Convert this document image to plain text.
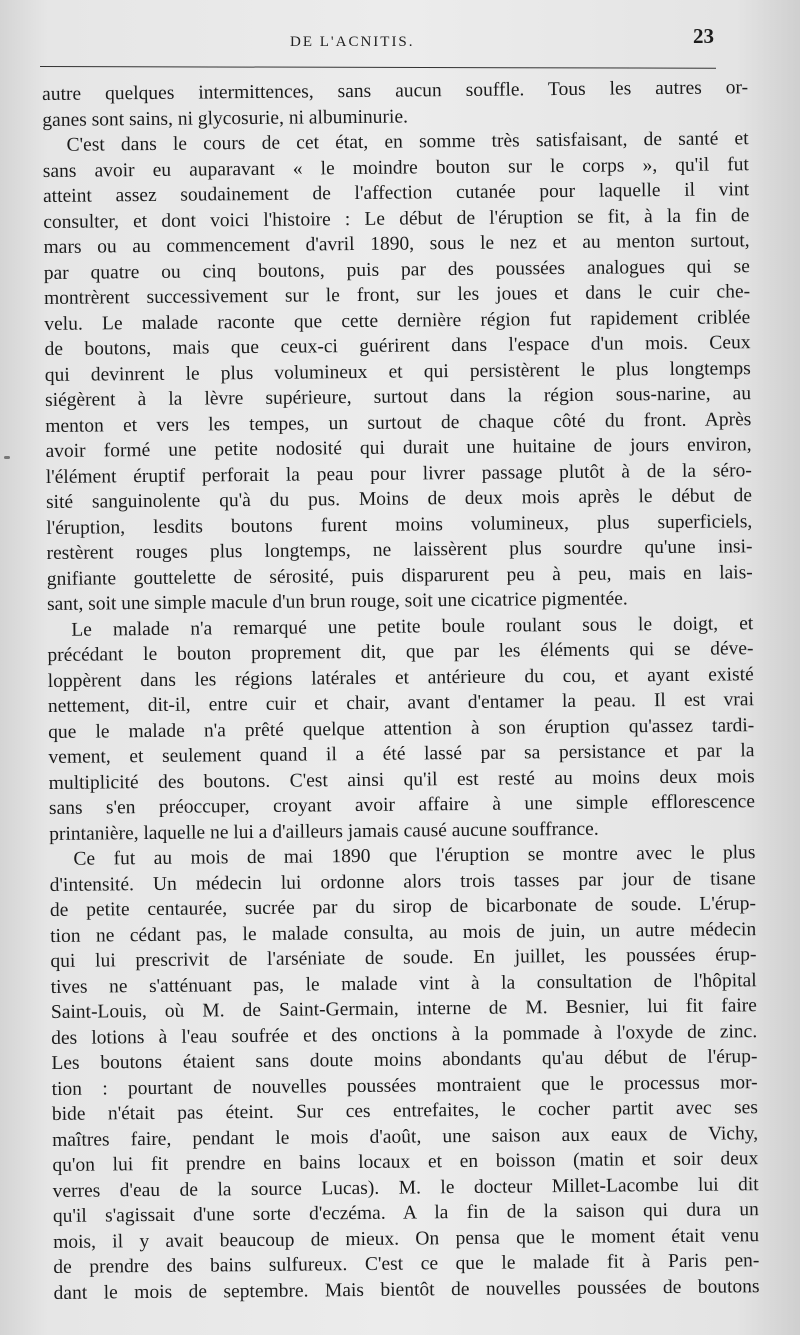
DE L'ACNITIS.	23
autre quelques intermittences, sans aucun souffle. Tous les autres or-
ganes sont sains, ni glycosurie, ni albuminurie.
C'est dans le cours de cet état, en somme très satisfaisant, de santé et
sans avoir eu auparavant « le moindre bouton sur le corps », qu'il fut
atteint assez soudainement de l'affection cutanée pour laquelle il vint
consulter, et dont voici l'histoire : Le début de l'éruption se fit, à la fin de
mars ou au commencement d'avril 1890, sous le nez et au menton surtout,
par quatre ou cinq boutons, puis par des poussées analogues qui se
montrèrent successivement sur le front, sur les joues et dans le cuir che-
velu. Le malade raconte que cette dernière région fut rapidement criblée
de boutons, mais que ceux-ci guérirent dans l'espace d'un mois. Ceux
qui devinrent le plus volumineux et qui persistèrent le plus longtemps
siégèrent à la lèvre supérieure, surtout dans la région sous-narine, au
menton et vers les tempes, un surtout de chaque côté du front. Après
avoir formé une petite nodosité qui durait une huitaine de jours environ,
l'élément éruptif perforait la peau pour livrer passage plutôt à de la séro-
sité sanguinolente qu'à du pus. Moins de deux mois après le début de
l'éruption, lesdits boutons furent moins volumineux, plus superficiels,
restèrent rouges plus longtemps, ne laissèrent plus sourdre qu'une insi-
gnifiante gouttelette de sérosité, puis disparurent peu à peu, mais en lais-
sant, soit une simple macule d'un brun rouge, soit une cicatrice pigmentée.
Le malade n'a remarqué une petite boule roulant sous le doigt, et
précédant le bouton proprement dit, que par les éléments qui se déve-
loppèrent dans les régions latérales et antérieure du cou, et ayant existé
nettement, dit-il, entre cuir et chair, avant d'entamer la peau. Il est vrai
que le malade n'a prêté quelque attention à son éruption qu'assez tardi-
vement, et seulement quand il a été lassé par sa persistance et par la
multiplicité des boutons. C'est ainsi qu'il est resté au moins deux mois
sans s'en préoccuper, croyant avoir affaire à une simple efflorescence
printanière, laquelle ne lui a d'ailleurs jamais causé aucune souffrance.
Ce fut au mois de mai 1890 que l'éruption se montre avec le plus
d'intensité. Un médecin lui ordonne alors trois tasses par jour de tisane
de petite centaurée, sucrée par du sirop de bicarbonate de soude. L'érup-
tion ne cédant pas, le malade consulta, au mois de juin, un autre médecin
qui lui prescrivit de l'arséniate de soude. En juillet, les poussées érup-
tives ne s'atténuant pas, le malade vint à la consultation de l'hôpital
Saint-Louis, où M. de Saint-Germain, interne de M. Besnier, lui fit faire
des lotions à l'eau soufrée et des onctions à la pommade à l'oxyde de zinc.
Les boutons étaient sans doute moins abondants qu'au début de l'érup-
tion : pourtant de nouvelles poussées montraient que le processus mor-
bide n'était pas éteint. Sur ces entrefaites, le cocher partit avec ses
maîtres faire, pendant le mois d'août, une saison aux eaux de Vichy,
qu'on lui fit prendre en bains locaux et en boisson (matin et soir deux
verres d'eau de la source Lucas). M. le docteur Millet-Lacombe lui dit
qu'il s'agissait d'une sorte d'eczéma. A la fin de la saison qui dura un
mois, il y avait beaucoup de mieux. On pensa que le moment était venu
de prendre des bains sulfureux. C'est ce que le malade fit à Paris pen-
dant le mois de septembre. Mais bientôt de nouvelles poussées de boutons
